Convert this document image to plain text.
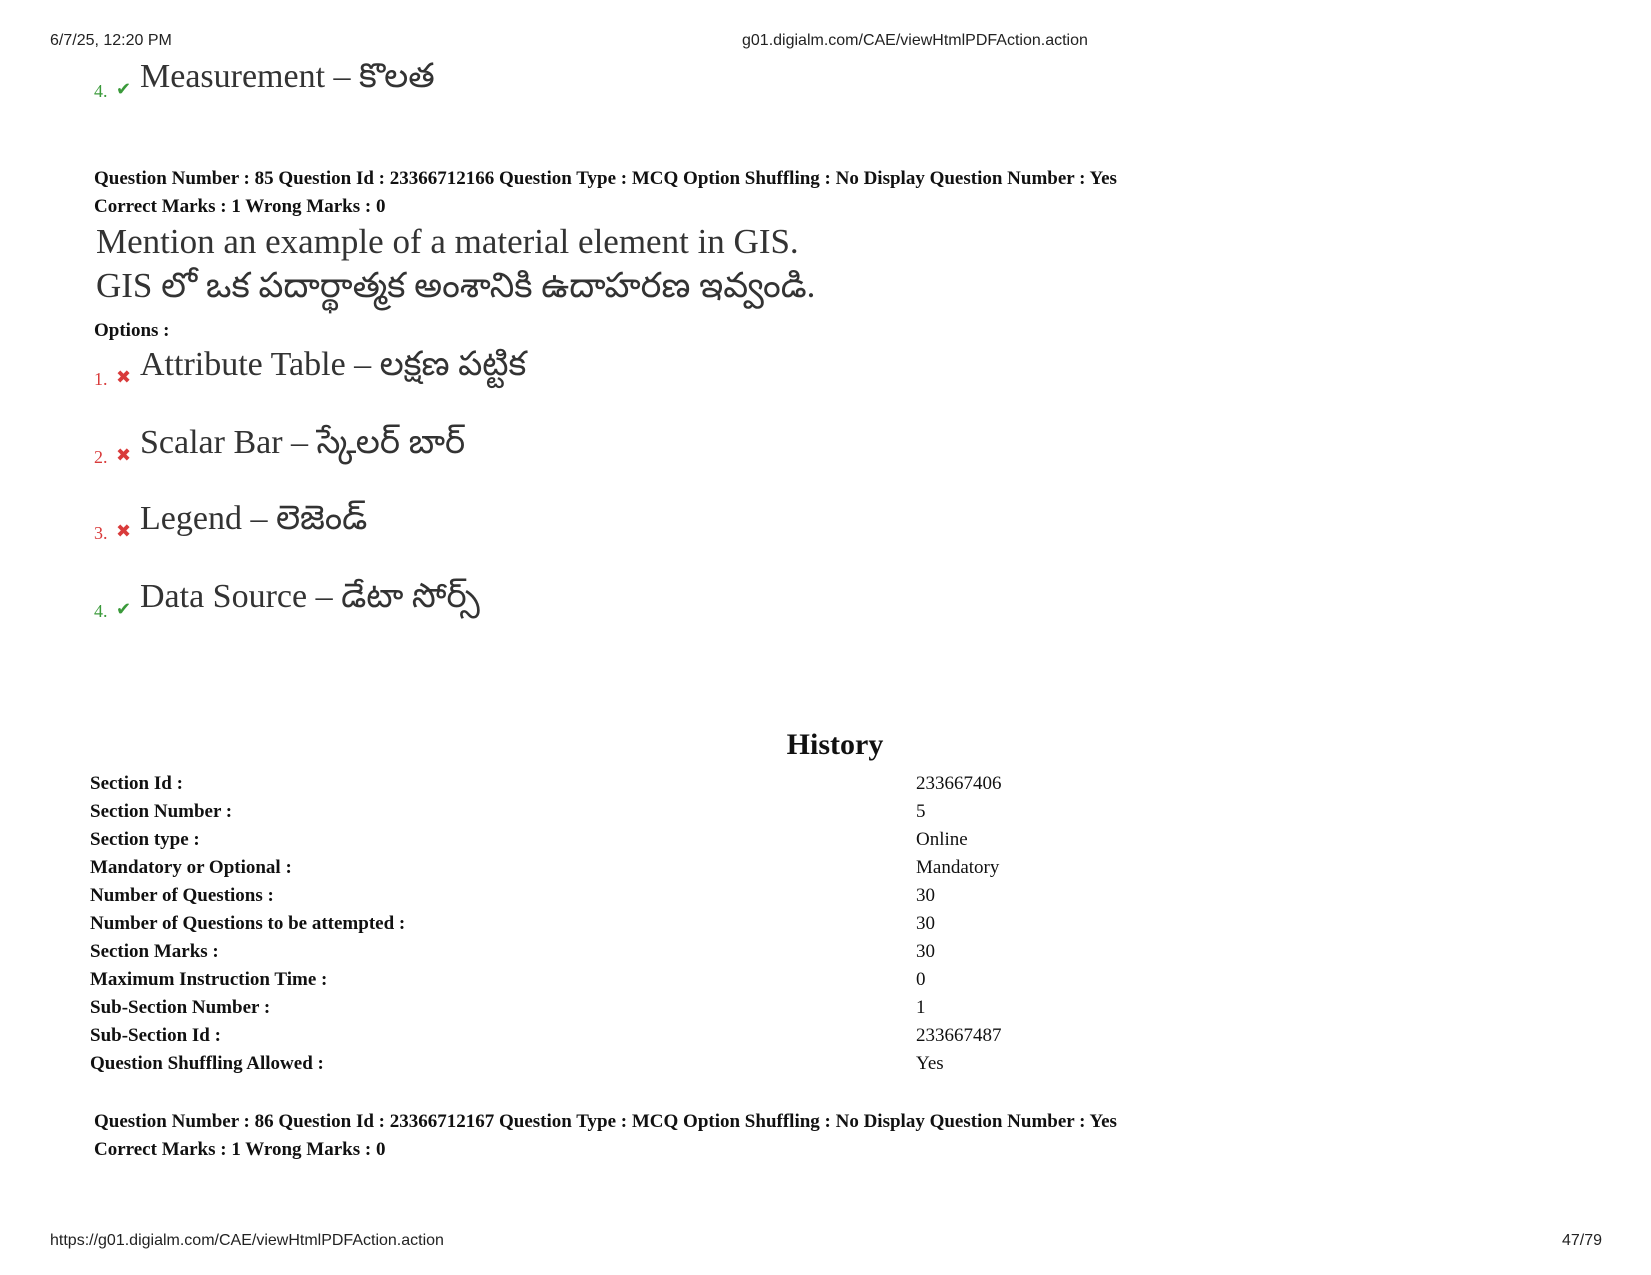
6/7/25, 12:20 PM	g01.digialm.com/CAE/viewHtmlPDFAction.action
4. ✔ Measurement – కొలత
Question Number : 85 Question Id : 23366712166 Question Type : MCQ Option Shuffling : No Display Question Number : Yes
Correct Marks : 1 Wrong Marks : 0
Mention an example of a material element in GIS.
GIS లో ఒక పదార్థాత్మక అంశానికి ఉదాహరణ ఇవ్వండి.
Options :
1. ✖ Attribute Table – లక్షణ పట్టిక
2. ✖ Scalar Bar – స్కేలర్ బార్
3. ✖ Legend – లెజెండ్
4. ✔ Data Source – డేటా సోర్స్
History
Section Id :	233667406
Section Number :	5
Section type :	Online
Mandatory or Optional :	Mandatory
Number of Questions :	30
Number of Questions to be attempted :	30
Section Marks :	30
Maximum Instruction Time :	0
Sub-Section Number :	1
Sub-Section Id :	233667487
Question Shuffling Allowed :	Yes
Question Number : 86 Question Id : 23366712167 Question Type : MCQ Option Shuffling : No Display Question Number : Yes
Correct Marks : 1 Wrong Marks : 0
https://g01.digialm.com/CAE/viewHtmlPDFAction.action	47/79
